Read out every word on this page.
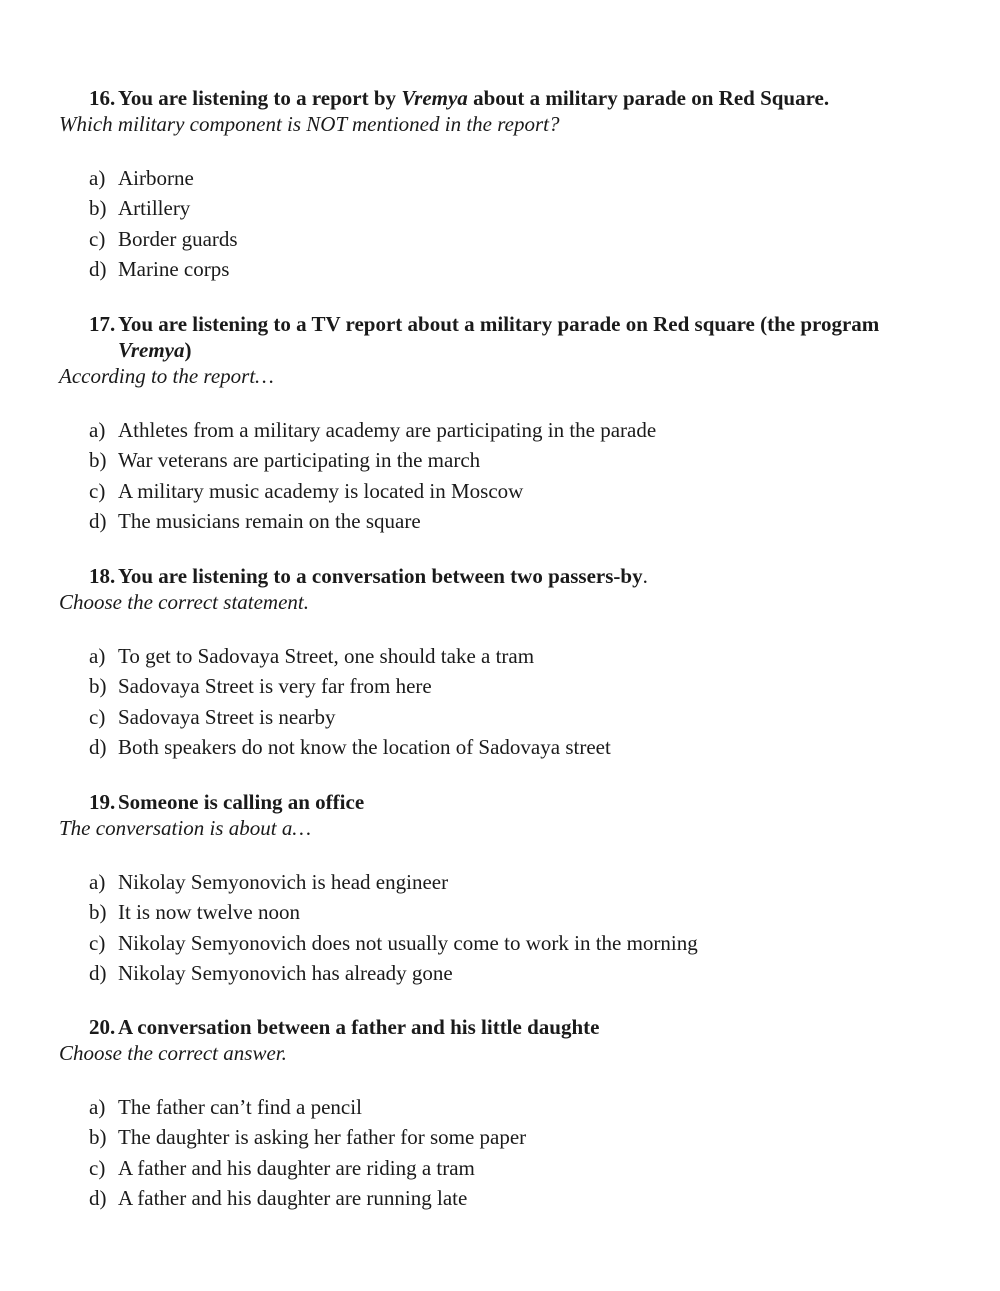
16. You are listening to a report by Vremya about a military parade on Red Square.

Which military component is NOT mentioned in the report?

a) Airborne
b) Artillery
c) Border guards
d) Marine corps

17. You are listening to a TV report about a military parade on Red square (the program Vremya)

According to the report…

a) Athletes from a military academy are participating in the parade
b) War veterans are participating in the march
c) A military music academy is located in Moscow
d) The musicians remain on the square

18. You are listening to a conversation between two passers-by.

Choose the correct statement.

a) To get to Sadovaya Street, one should take a tram
b) Sadovaya Street is very far from here
c) Sadovaya Street is nearby
d) Both speakers do not know the location of Sadovaya street

19. Someone is calling an office

The conversation is about a…

a) Nikolay Semyonovich is head engineer
b) It is now twelve noon
c) Nikolay Semyonovich does not usually come to work in the morning
d) Nikolay Semyonovich has already gone

20. A conversation between a father and his little daughte

Choose the correct answer.

a) The father can’t find a pencil
b) The daughter is asking her father for some paper
c) A father and his daughter are riding a tram
d) A father and his daughter are running late
